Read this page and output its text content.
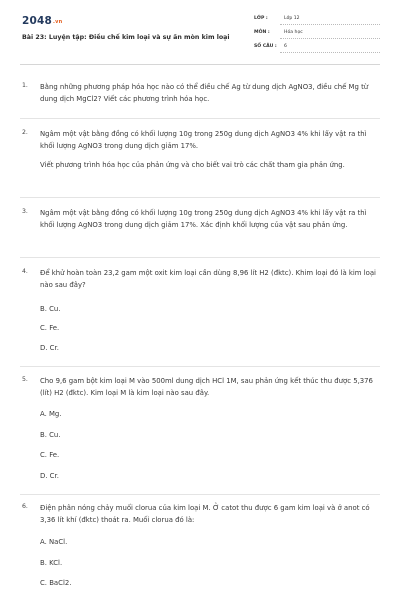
$2048^{.vn}$
Bài 23: Luyện tập: Điều chế kim loại và sự ăn mòn kim loại
LỚP :	Lớp 12
MÔN :	Hóa học
SỐ CÂU : 6
1. Bằng những phương pháp hóa học nào có thể điều chế Ag từ dung dịch AgNO3, điều chế Mg từ dung dịch MgCl2? Viết các phương trình hóa học.
2. Ngâm một vật bằng đồng có khối lượng 10g trong 250g dung dịch AgNO3 4% khi lấy vật ra thì khối lượng AgNO3 trong dung dịch giảm 17%.
Viết phương trình hóa học của phản ứng và cho biết vai trò các chất tham gia phản ứng.
3. Ngâm một vật bằng đồng có khối lượng 10g trong 250g dung dịch AgNO3 4% khi lấy vật ra thì khối lượng AgNO3 trong dung dịch giảm 17%. Xác định khối lượng của vật sau phản ứng.
4. Để khử hoàn toàn 23,2 gam một oxit kim loại cần dùng 8,96 lít H2 (đktc). Khim loại đó là kim loại nào sau đây?
B. Cu.
C. Fe.
D. Cr.
5. Cho 9,6 gam bột kim loại M vào 500ml dung dịch HCl 1M, sau phản ứng kết thúc thu được 5,376 (lít) H2 (đktc). Kim loại M là kim loại nào sau đây.
A. Mg.
B. Cu.
C. Fe.
D. Cr.
6. Điện phân nóng chảy muối clorua của kim loại M. Ở catot thu được 6 gam kim loại và ở anot có 3,36 lít khí (đktc) thoát ra. Muối clorua đó là:
A. NaCl.
B. KCl.
C. BaCl2.
